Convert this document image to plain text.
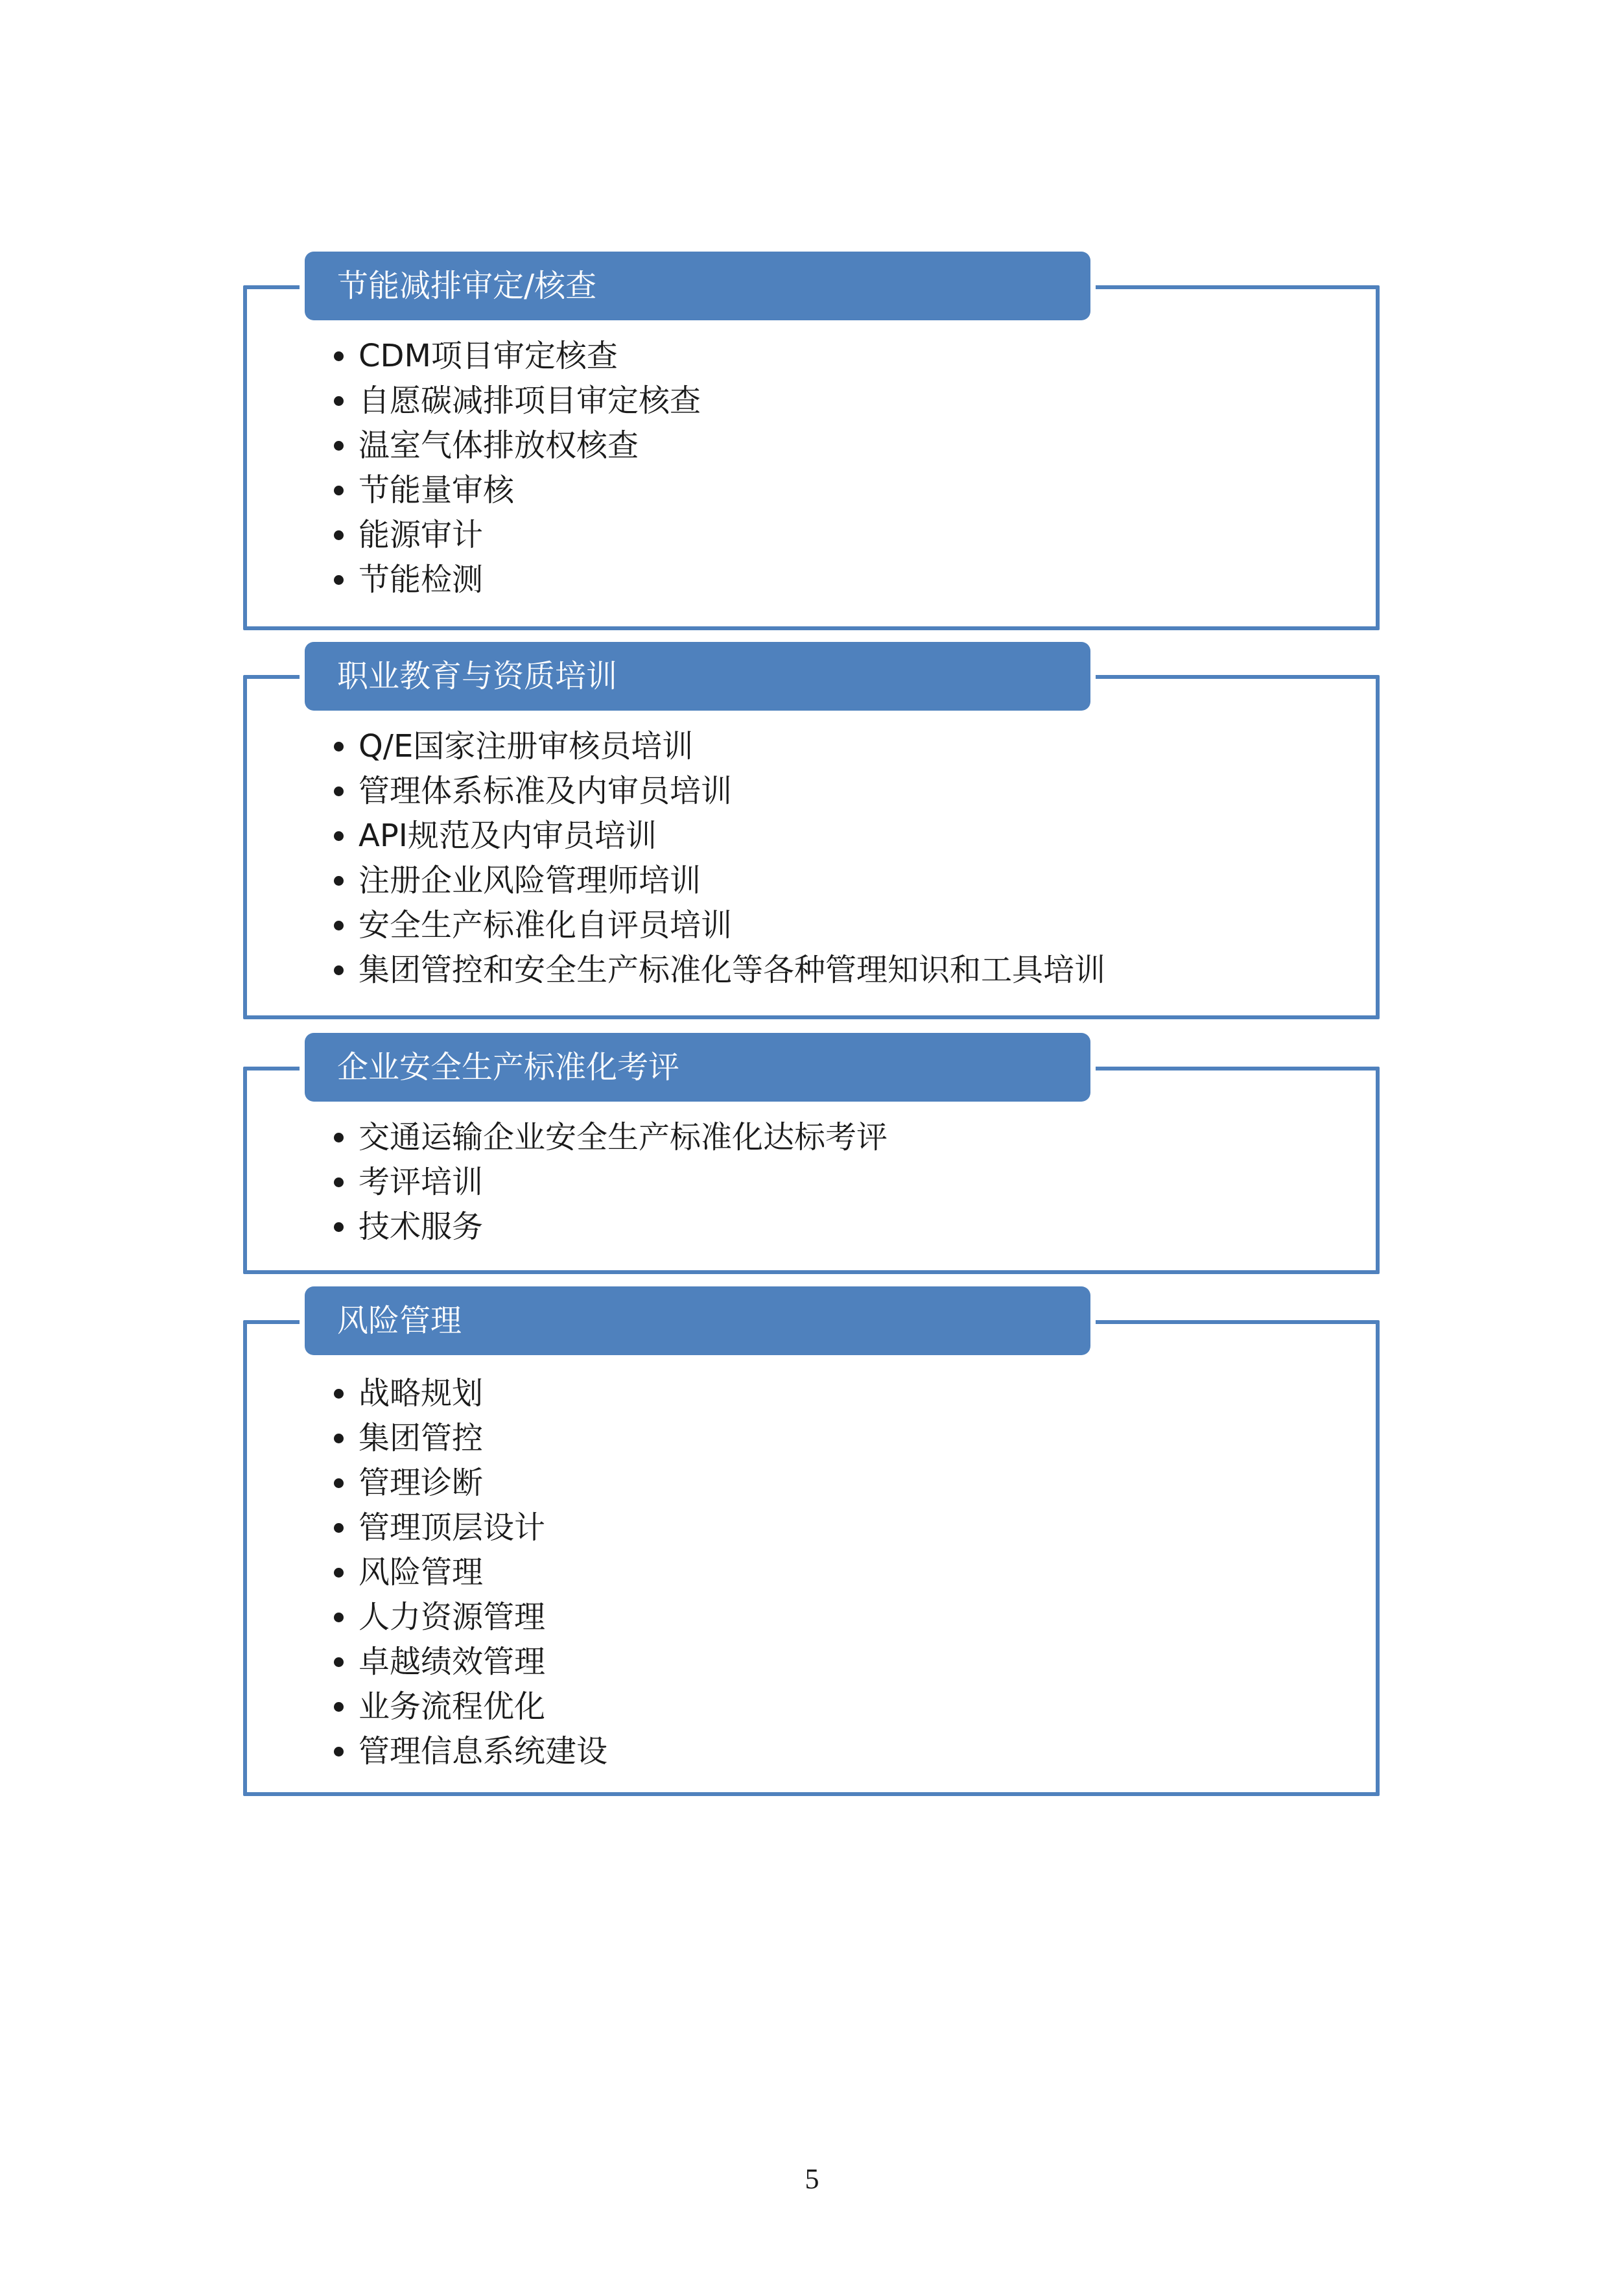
节能减排审定/核查
CDM项目审定核查
自愿碳减排项目审定核查
温室气体排放权核查
节能量审核
能源审计
节能检测
职业教育与资质培训
Q/E国家注册审核员培训
管理体系标准及内审员培训
API规范及内审员培训
注册企业风险管理师培训
安全生产标准化自评员培训
集团管控和安全生产标准化等各种管理知识和工具培训
企业安全生产标准化考评
交通运输企业安全生产标准化达标考评
考评培训
技术服务
风险管理
战略规划
集团管控
管理诊断
管理顶层设计
风险管理
人力资源管理
卓越绩效管理
业务流程优化
管理信息系统建设
5
